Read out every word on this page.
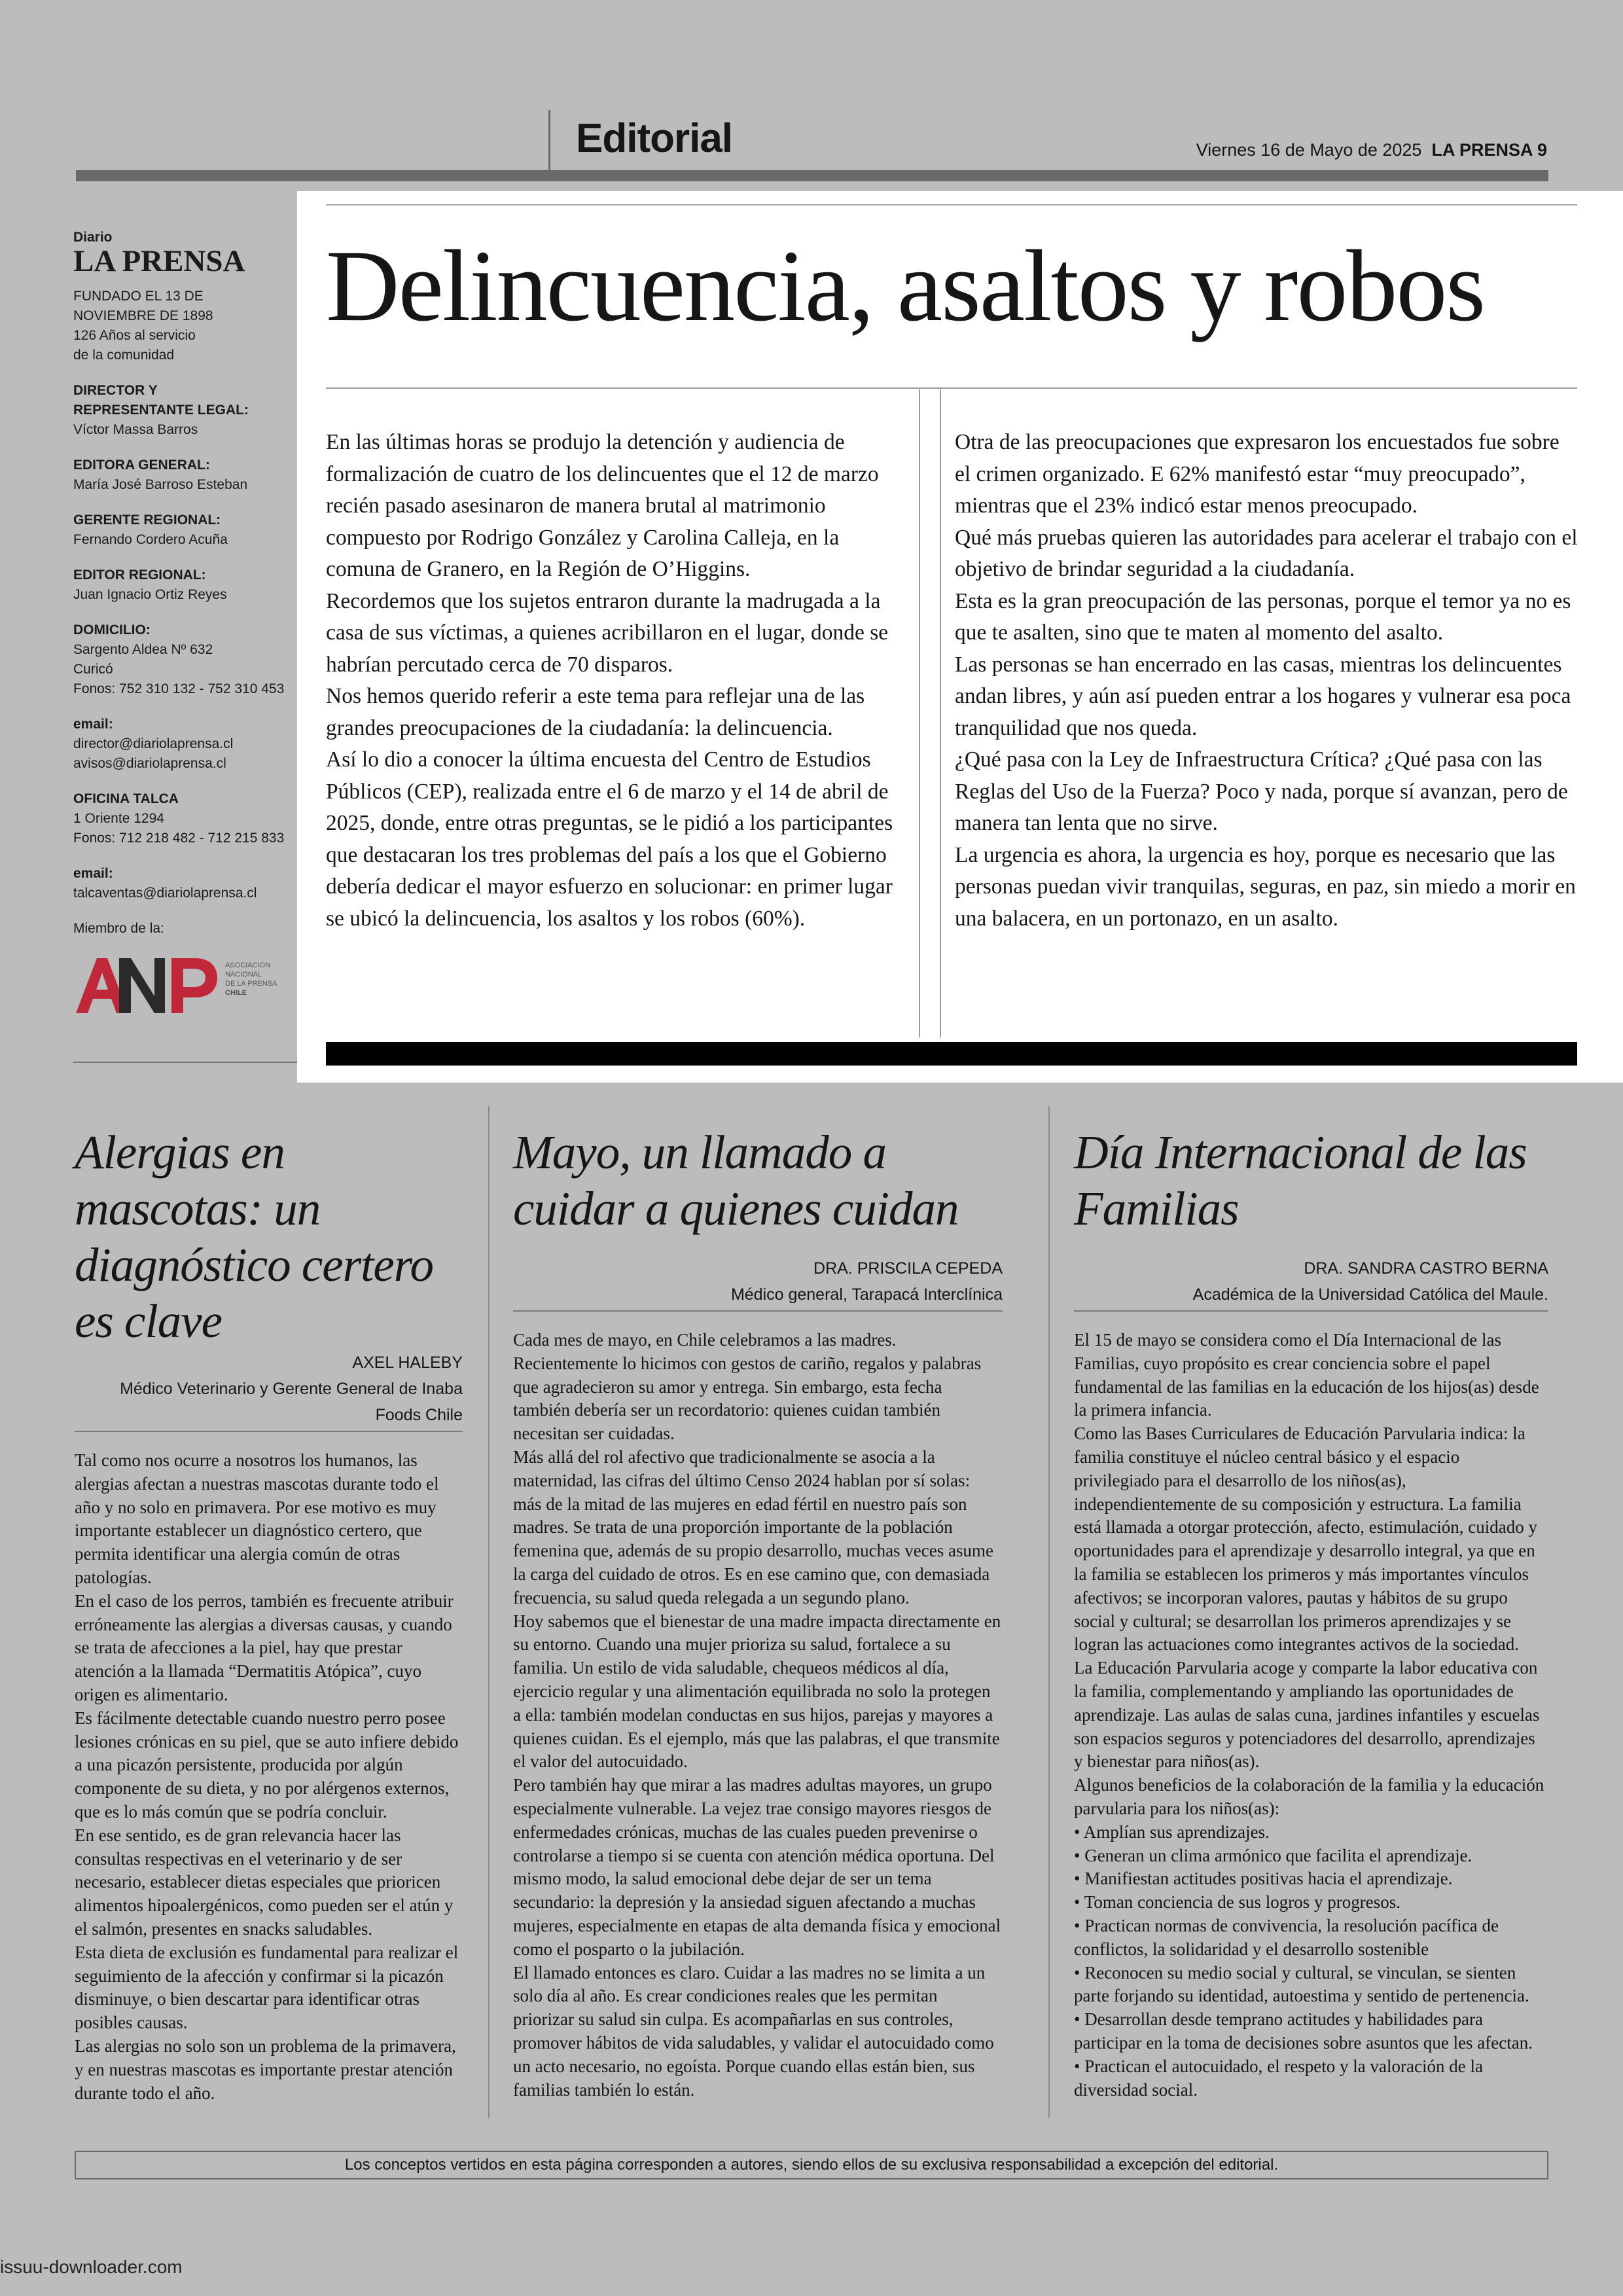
Editorial	Viernes 16 de Mayo de 2025 LA PRENSA 9
Diario
LA PRENSA
FUNDADO EL 13 DE
NOVIEMBRE DE 1898
126 Años al servicio
de la comunidad
DIRECTOR Y
REPRESENTANTE LEGAL:
Víctor Massa Barros
EDITORA GENERAL:
María José Barroso Esteban
GERENTE REGIONAL:
Fernando Cordero Acuña
EDITOR REGIONAL:
Juan Ignacio Ortiz Reyes
DOMICILIO:
Sargento Aldea Nº 632
Curicó
Fonos: 752 310 132 - 752 310 453
email:
director@diariolaprensa.cl
avisos@diariolaprensa.cl
OFICINA TALCA
1 Oriente 1294
Fonos: 712 218 482 - 712 215 833
email:
talcaventas@diariolaprensa.cl
Miembro de la:
ASOCIACIÓN
NACIONAL
DE LA PRENSA
CHILE
Delincuencia, asaltos y robos

En las últimas horas se produjo la detención y audiencia de formalización de cuatro de los delincuentes que el 12 de marzo recién pasado asesinaron de manera brutal al matrimonio compuesto por Rodrigo González y Carolina Calleja, en la comuna de Granero, en la Región de O’Higgins.

Recordemos que los sujetos entraron durante la madrugada a la casa de sus víctimas, a quienes acribillaron en el lugar, donde se habrían percutado cerca de 70 disparos.

Nos hemos querido referir a este tema para reflejar una de las grandes preocupaciones de la ciudadanía: la delincuencia.

Así lo dio a conocer la última encuesta del Centro de Estudios Públicos (CEP), realizada entre el 6 de marzo y el 14 de abril de 2025, donde, entre otras preguntas, se le pidió a los participantes que destacaran los tres problemas del país a los que el Gobierno debería dedicar el mayor esfuerzo en solucionar: en primer lugar se ubicó la delincuencia, los asaltos y los robos (60%).

Otra de las preocupaciones que expresaron los encuestados fue sobre el crimen organizado. E 62% manifestó estar “muy preocupado”, mientras que el 23% indicó estar menos preocupado.

Qué más pruebas quieren las autoridades para acelerar el trabajo con el objetivo de brindar seguridad a la ciudadanía.

Esta es la gran preocupación de las personas, porque el temor ya no es que te asalten, sino que te maten al momento del asalto.

Las personas se han encerrado en las casas, mientras los delincuentes andan libres, y aún así pueden entrar a los hogares y vulnerar esa poca tranquilidad que nos queda.

¿Qué pasa con la Ley de Infraestructura Crítica? ¿Qué pasa con las Reglas del Uso de la Fuerza? Poco y nada, porque sí avanzan, pero de manera tan lenta que no sirve.

La urgencia es ahora, la urgencia es hoy, porque es necesario que las personas puedan vivir tranquilas, seguras, en paz, sin miedo a morir en una balacera, en un portonazo, en un asalto.

Alergias en mascotas: un diagnóstico certero es clave
AXEL HALEBY
Médico Veterinario y Gerente General de Inaba Foods Chile

Tal como nos ocurre a nosotros los humanos, las alergias afectan a nuestras mascotas durante todo el año y no solo en primavera. Por ese motivo es muy importante establecer un diagnóstico certero, que permita identificar una alergia común de otras patologías.

En el caso de los perros, también es frecuente atribuir erróneamente las alergias a diversas causas, y cuando se trata de afecciones a la piel, hay que prestar atención a la llamada “Dermatitis Atópica”, cuyo origen es alimentario.

Es fácilmente detectable cuando nuestro perro posee lesiones crónicas en su piel, que se auto infiere debido a una picazón persistente, producida por algún componente de su dieta, y no por alérgenos externos, que es lo más común que se podría concluir.

En ese sentido, es de gran relevancia hacer las consultas respectivas en el veterinario y de ser necesario, establecer dietas especiales que prioricen alimentos hipoalergénicos, como pueden ser el atún y el salmón, presentes en snacks saludables.

Esta dieta de exclusión es fundamental para realizar el seguimiento de la afección y confirmar si la picazón disminuye, o bien descartar para identificar otras posibles causas.

Las alergias no solo son un problema de la primavera, y en nuestras mascotas es importante prestar atención durante todo el año.

Mayo, un llamado a cuidar a quienes cuidan
DRA. PRISCILA CEPEDA
Médico general, Tarapacá Interclínica

Cada mes de mayo, en Chile celebramos a las madres. Recientemente lo hicimos con gestos de cariño, regalos y palabras que agradecieron su amor y entrega. Sin embargo, esta fecha también debería ser un recordatorio: quienes cuidan también necesitan ser cuidadas.

Más allá del rol afectivo que tradicionalmente se asocia a la maternidad, las cifras del último Censo 2024 hablan por sí solas: más de la mitad de las mujeres en edad fértil en nuestro país son madres. Se trata de una proporción importante de la población femenina que, además de su propio desarrollo, muchas veces asume la carga del cuidado de otros. Es en ese camino que, con demasiada frecuencia, su salud queda relegada a un segundo plano.

Hoy sabemos que el bienestar de una madre impacta directamente en su entorno. Cuando una mujer prioriza su salud, fortalece a su familia. Un estilo de vida saludable, chequeos médicos al día, ejercicio regular y una alimentación equilibrada no solo la protegen a ella: también modelan conductas en sus hijos, parejas y mayores a quienes cuidan. Es el ejemplo, más que las palabras, el que transmite el valor del autocuidado.

Pero también hay que mirar a las madres adultas mayores, un grupo especialmente vulnerable. La vejez trae consigo mayores riesgos de enfermedades crónicas, muchas de las cuales pueden prevenirse o controlarse a tiempo si se cuenta con atención médica oportuna. Del mismo modo, la salud emocional debe dejar de ser un tema secundario: la depresión y la ansiedad siguen afectando a muchas mujeres, especialmente en etapas de alta demanda física y emocional como el posparto o la jubilación.

El llamado entonces es claro. Cuidar a las madres no se limita a un solo día al año. Es crear condiciones reales que les permitan priorizar su salud sin culpa. Es acompañarlas en sus controles, promover hábitos de vida saludables, y validar el autocuidado como un acto necesario, no egoísta. Porque cuando ellas están bien, sus familias también lo están.

Día Internacional de las Familias
DRA. SANDRA CASTRO BERNA
Académica de la Universidad Católica del Maule.

El 15 de mayo se considera como el Día Internacional de las Familias, cuyo propósito es crear conciencia sobre el papel fundamental de las familias en la educación de los hijos(as) desde la primera infancia.

Como las Bases Curriculares de Educación Parvularia indica: la familia constituye el núcleo central básico y el espacio privilegiado para el desarrollo de los niños(as), independientemente de su composición y estructura. La familia está llamada a otorgar protección, afecto, estimulación, cuidado y oportunidades para el aprendizaje y desarrollo integral, ya que en la familia se establecen los primeros y más importantes vínculos afectivos; se incorporan valores, pautas y hábitos de su grupo social y cultural; se desarrollan los primeros aprendizajes y se logran las actuaciones como integrantes activos de la sociedad.

La Educación Parvularia acoge y comparte la labor educativa con la familia, complementando y ampliando las oportunidades de aprendizaje. Las aulas de salas cuna, jardines infantiles y escuelas son espacios seguros y potenciadores del desarrollo, aprendizajes y bienestar para niños(as).

Algunos beneficios de la colaboración de la familia y la educación parvularia para los niños(as):

• Amplían sus aprendizajes.

• Generan un clima armónico que facilita el aprendizaje.

• Manifiestan actitudes positivas hacia el aprendizaje.

• Toman conciencia de sus logros y progresos.

• Practican normas de convivencia, la resolución pacífica de conflictos, la solidaridad y el desarrollo sostenible

• Reconocen su medio social y cultural, se vinculan, se sienten parte forjando su identidad, autoestima y sentido de pertenencia.

• Desarrollan desde temprano actitudes y habilidades para participar en la toma de decisiones sobre asuntos que les afectan.

• Practican el autocuidado, el respeto y la valoración de la diversidad social.

Los conceptos vertidos en esta página corresponden a autores, siendo ellos de su exclusiva responsabilidad a excepción del editorial.
issuu-downloader.com
